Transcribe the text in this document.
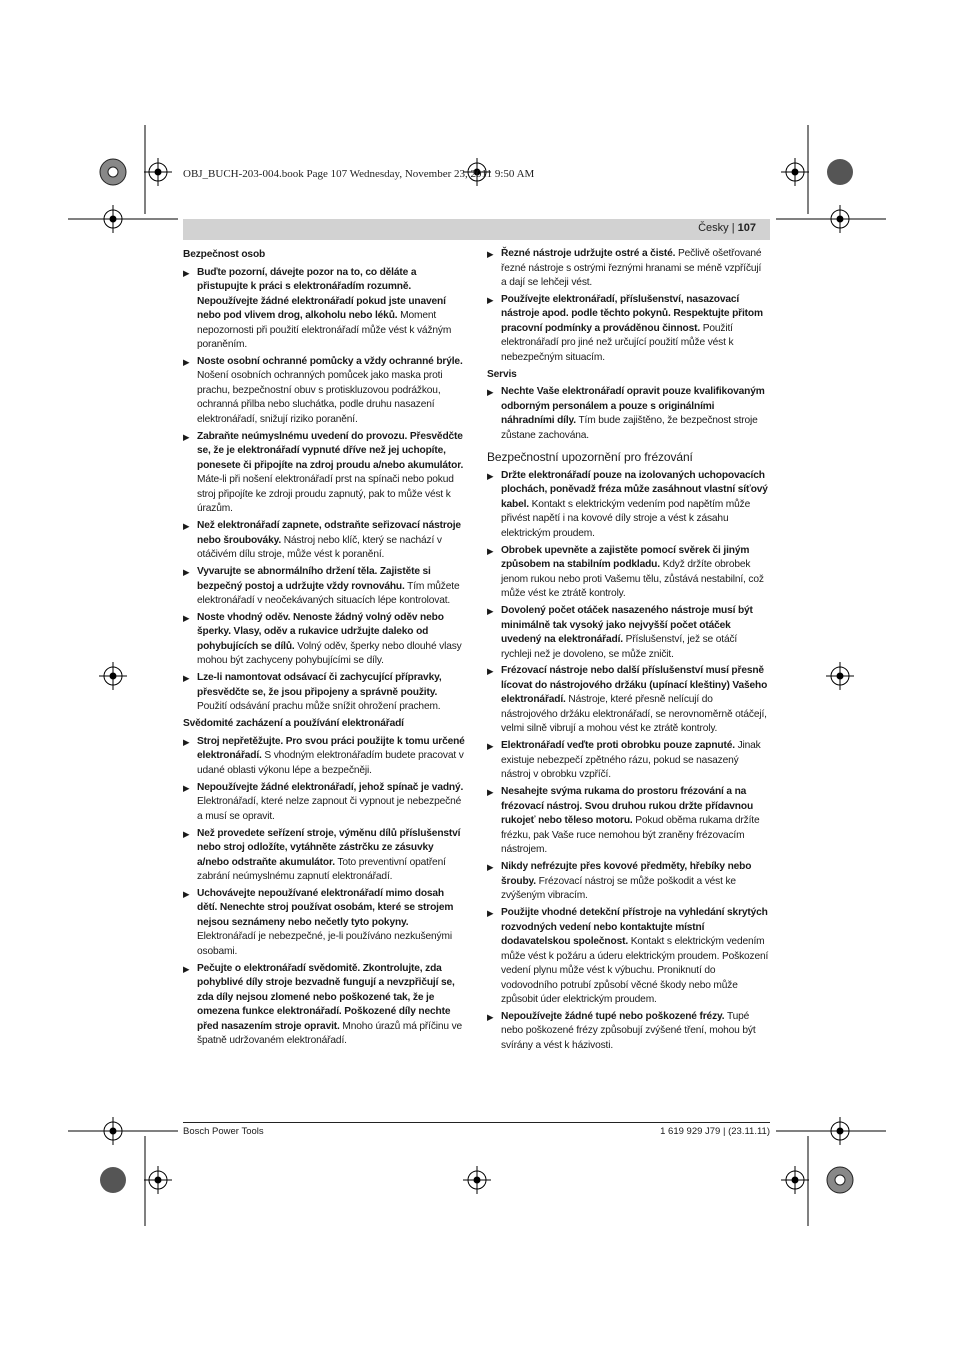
OBJ_BUCH-203-004.book Page 107 Wednesday, November 23, 2011 9:50 AM
Česky | 107
Bezpečnost osob
▶ Buďte pozorní, dávejte pozor na to, co děláte a přistupujte k práci s elektronářadím rozumně. Nepoužívejte žádné elektronářadí pokud jste unavení nebo pod vlivem drog, alkoholu nebo léků. Moment nepozornosti při použití elektronářadí může vést k vážným poraněním.
▶ Noste osobní ochranné pomůcky a vždy ochranné brýle. Nošení osobních ochranných pomůcek jako maska proti prachu, bezpečnostní obuv s protiskluzovou podrážkou, ochranná přilba nebo sluchátka, podle druhu nasazení elektronářadí, snižují riziko poranění.
▶ Zabraňte neúmyslnému uvedení do provozu. Přesvědčte se, že je elektronářadí vypnuté dříve než jej uchopíte, ponesete či připojíte na zdroj proudu a/nebo akumulátor. Máte-li při nošení elektronářadí prst na spínači nebo pokud stroj připojíte ke zdroji proudu zapnutý, pak to může vést k úrazům.
▶ Než elektronářadí zapnete, odstraňte seřizovací nástroje nebo šroubováky. Nástroj nebo klíč, který se nachází v otáčivém dílu stroje, může vést k poranění.
▶ Vyvarujte se abnormálního držení těla. Zajistěte si bezpečný postoj a udržujte vždy rovnováhu. Tím můžete elektronářadí v neočekávaných situacích lépe kontrolovat.
▶ Noste vhodný oděv. Nenoste žádný volný oděv nebo šperky. Vlasy, oděv a rukavice udržujte daleko od pohybujících se dílů. Volný oděv, šperky nebo dlouhé vlasy mohou být zachyceny pohybujícími se díly.
▶ Lze-li namontovat odsávací či zachycující přípravky, přesvědčte se, že jsou připojeny a správně použity. Použití odsávání prachu může snížit ohrožení prachem.
Svědomité zacházení a používání elektronářadí
▶ Stroj nepřetěžujte. Pro svou práci použijte k tomu určené elektronářadí. S vhodným elektronářadím budete pracovat v udané oblasti výkonu lépe a bezpečněji.
▶ Nepoužívejte žádné elektronářadí, jehož spínač je vadný. Elektronářadí, které nelze zapnout či vypnout je nebezpečné a musí se opravit.
▶ Než provedete seřízení stroje, výměnu dílů příslušenství nebo stroj odložíte, vytáhněte zástrčku ze zásuvky a/nebo odstraňte akumulátor. Toto preventivní opatření zabrání neúmyslnému zapnutí elektronářadí.
▶ Uchovávejte nepoužívané elektronářadí mimo dosah dětí. Nenechte stroj používat osobám, které se strojem nejsou seznámeny nebo nečetly tyto pokyny. Elektronářadí je nebezpečné, je-li používáno nezkušenými osobami.
▶ Pečujte o elektronářadí svědomitě. Zkontrolujte, zda pohyblivé díly stroje bezvadně fungují a nevzpřičují se, zda díly nejsou zlomené nebo poškozené tak, že je omezena funkce elektronářadí. Poškozené díly nechte před nasazením stroje opravit. Mnoho úrazů má příčinu ve špatně udržovaném elektronářadí.
▶ Řezné nástroje udržujte ostré a čisté. Pečlivě ošetřované řezné nástroje s ostrými řeznými hranami se méně vzpříčují a dají se lehčeji vést.
▶ Používejte elektronářadí, příslušenství, nasazovací nástroje apod. podle těchto pokynů. Respektujte přitom pracovní podmínky a prováděnou činnost. Použití elektronářadí pro jiné než určující použití může vést k nebezpečným situacím.
Servis
▶ Nechte Vaše elektronářadí opravit pouze kvalifikovaným odborným personálem a pouze s originálními náhradními díly. Tím bude zajištěno, že bezpečnost stroje zůstane zachována.
Bezpečnostní upozornění pro frézování
▶ Držte elektronářadí pouze na izolovaných uchopovacích plochách, poněvadž fréza může zasáhnout vlastní síťový kabel. Kontakt s elektrickým vedením pod napětím může přivést napětí i na kovové díly stroje a vést k zásahu elektrickým proudem.
▶ Obrobek upevněte a zajistěte pomocí svěrek či jiným způsobem na stabilním podkladu. Když držíte obrobek jenom rukou nebo proti Vašemu tělu, zůstává nestabilní, což může vést ke ztrátě kontroly.
▶ Dovolený počet otáček nasazeného nástroje musí být minimálně tak vysoký jako nejvyšší počet otáček uvedený na elektronářadí. Příslušenství, jež se otáčí rychleji než je dovoleno, se může zničit.
▶ Frézovací nástroje nebo další příslušenství musí přesně lícovat do nástrojového držáku (upínací kleštiny) Vašeho elektronářadí. Nástroje, které přesně nelícují do nástrojového držáku elektronářadí, se nerovnoměrně otáčejí, velmi silně vibrují a mohou vést ke ztrátě kontroly.
▶ Elektronářadí veďte proti obrobku pouze zapnuté. Jinak existuje nebezpečí zpětného rázu, pokud se nasazený nástroj v obrobku vzpříčí.
▶ Nesahejte svýma rukama do prostoru frézování a na frézovací nástroj. Svou druhou rukou držte přídavnou rukojeť nebo těleso motoru. Pokud oběma rukama držíte frézku, pak Vaše ruce nemohou být zraněny frézovacím nástrojem.
▶ Nikdy nefrézujte přes kovové předměty, hřebíky nebo šrouby. Frézovací nástroj se může poškodit a vést ke zvýšeným vibracím.
▶ Použijte vhodné detekční přístroje na vyhledání skrytých rozvodných vedení nebo kontaktujte místní dodavatelskou společnost. Kontakt s elektrickým vedením může vést k požáru a úderu elektrickým proudem. Poškození vedení plynu může vést k výbuchu. Proniknutí do vodovodního potrubí způsobí věcné škody nebo může způsobit úder elektrickým proudem.
▶ Nepoužívejte žádné tupé nebo poškozené frézy. Tupé nebo poškozené frézy způsobují zvýšené tření, mohou být svírány a vést k házivosti.
Bosch Power Tools	1 619 929 J79 | (23.11.11)
